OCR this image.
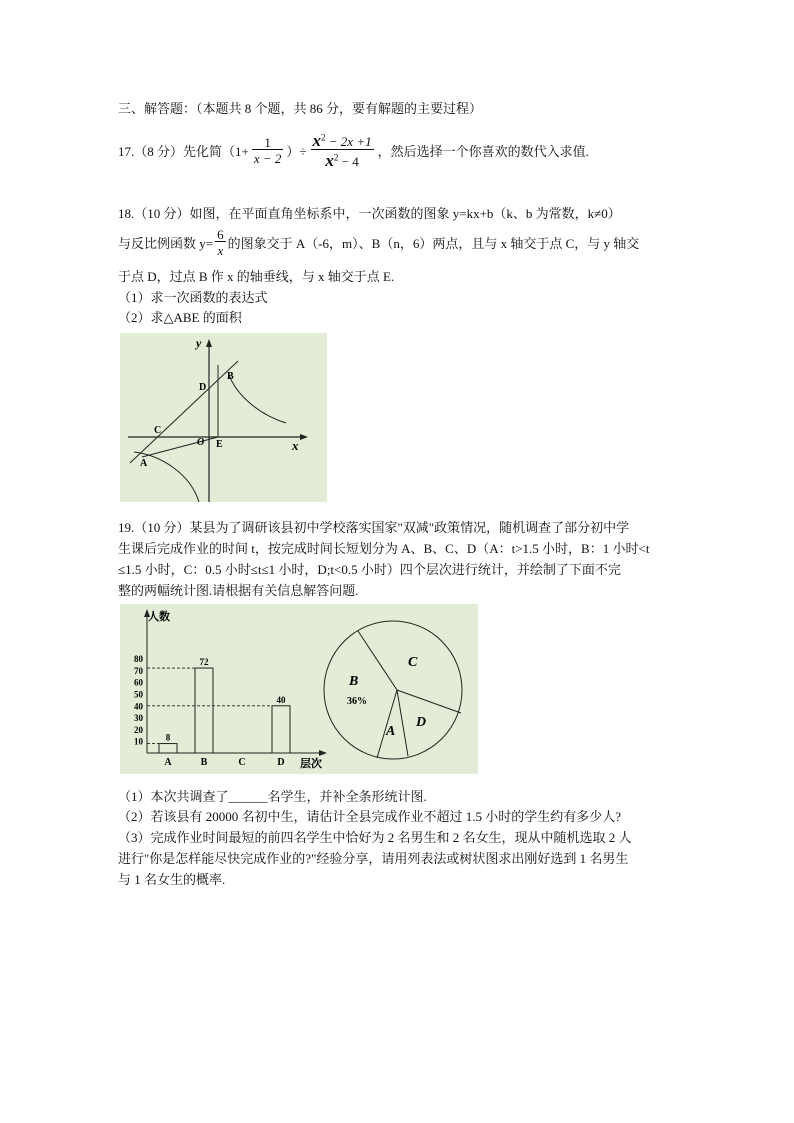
三、解答题：（本题共 8 个题，共 86 分，要有解题的主要过程）
17.（8 分）先化简（$1+ \frac{1}{x - 2}$ ）÷ $\frac{x^2 - 2x +1}{x^2 - 4}$ ，然后选择一个你喜欢的数代入求值.
18.（10 分）如图，在平面直角坐标系中，一次函数的图象 y=kx+b（k、b 为常数，k≠0）
与反比例函数 $y= \frac{6}{x}$ 的图象交于 A（-6，m）、B（n，6）两点，且与 x 轴交于点 C，与 y 轴交
于点 D，过点 B 作 x 的轴垂线，与 x 轴交于点 E.
（1）求一次函数的表达式
（2）求△ABE 的面积
y
x
D
B
C
O E
A
19.（10 分）某县为了调研该县初中学校落实国家"双减"政策情况，随机调查了部分初中学
生课后完成作业的时间 t，按完成时间长短划分为 A、B、C、D（A：t>1.5 小时，B：1 小时<t
≤1.5 小时，C：0.5 小时≤t≤1 小时，D;t<0.5 小时）四个层次进行统计，并绘制了下面不完
整的两幅统计图.请根据有关信息解答问题.
人数
层次
10
20
30
40
50
60
70
80
A
8
B
72
C	D
40
B
36%
C
D
A
（1）本次共调查了______名学生，并补全条形统计图.
（2）若该县有 20000 名初中生，请估计全县完成作业不超过 1.5 小时的学生约有多少人?
（3）完成作业时间最短的前四名学生中恰好为 2 名男生和 2 名女生，现从中随机选取 2 人
进行"你是怎样能尽快完成作业的?"经验分享，请用列表法或树状图求出刚好选到 1 名男生
与 1 名女生的概率.
